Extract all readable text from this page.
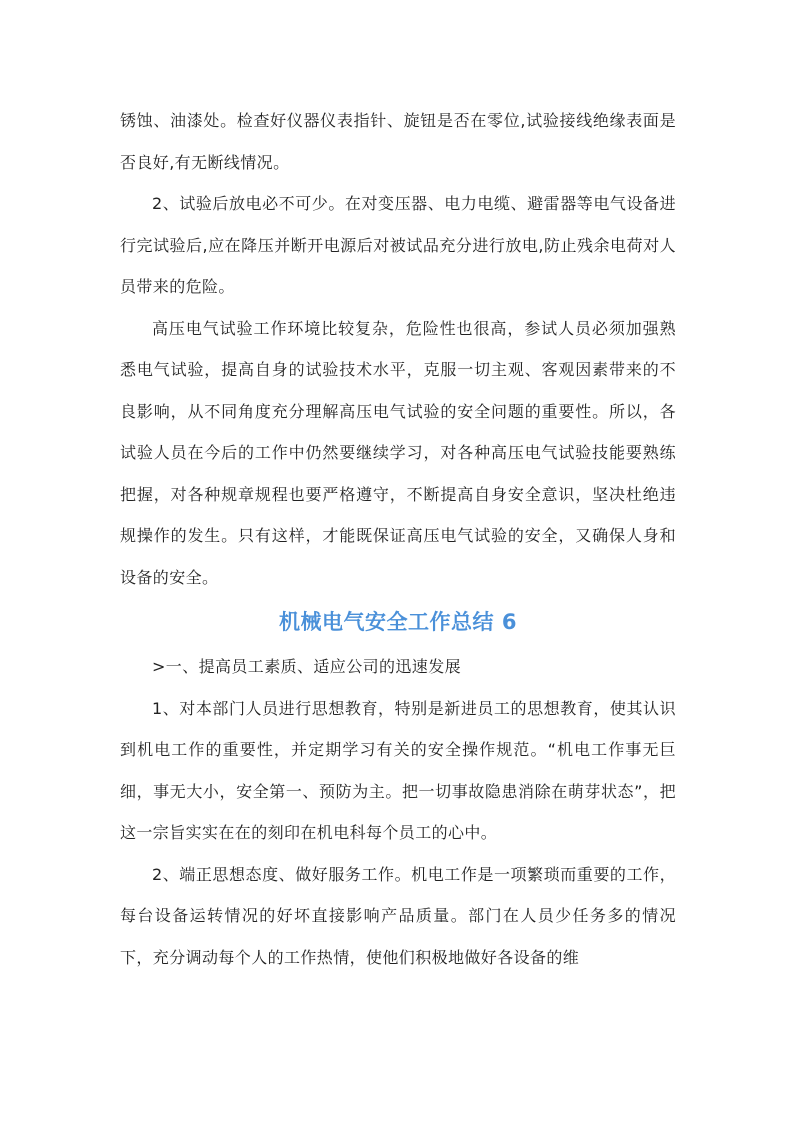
锈蚀、油漆处。检查好仪器仪表指针、旋钮是否在零位,试验接线绝缘表面是否良好,有无断线情况。

2、试验后放电必不可少。在对变压器、电力电缆、避雷器等电气设备进行完试验后,应在降压并断开电源后对被试品充分进行放电,防止残余电荷对人员带来的危险。

高压电气试验工作环境比较复杂，危险性也很高，参试人员必须加强熟悉电气试验，提高自身的试验技术水平，克服一切主观、客观因素带来的不良影响，从不同角度充分理解高压电气试验的安全问题的重要性。所以，各试验人员在今后的工作中仍然要继续学习，对各种高压电气试验技能要熟练把握，对各种规章规程也要严格遵守，不断提高自身安全意识，坚决杜绝违规操作的发生。只有这样，才能既保证高压电气试验的安全，又确保人身和设备的安全。

机械电气安全工作总结 6

>一、提高员工素质、适应公司的迅速发展

1、对本部门人员进行思想教育，特别是新进员工的思想教育，使其认识到机电工作的重要性，并定期学习有关的安全操作规范。“机电工作事无巨细，事无大小，安全第一、预防为主。把一切事故隐患消除在萌芽状态”，把这一宗旨实实在在的刻印在机电科每个员工的心中。

2、端正思想态度、做好服务工作。机电工作是一项繁琐而重要的工作，每台设备运转情况的好坏直接影响产品质量。部门在人员少任务多的情况下，充分调动每个人的工作热情，使他们积极地做好各设备的维
